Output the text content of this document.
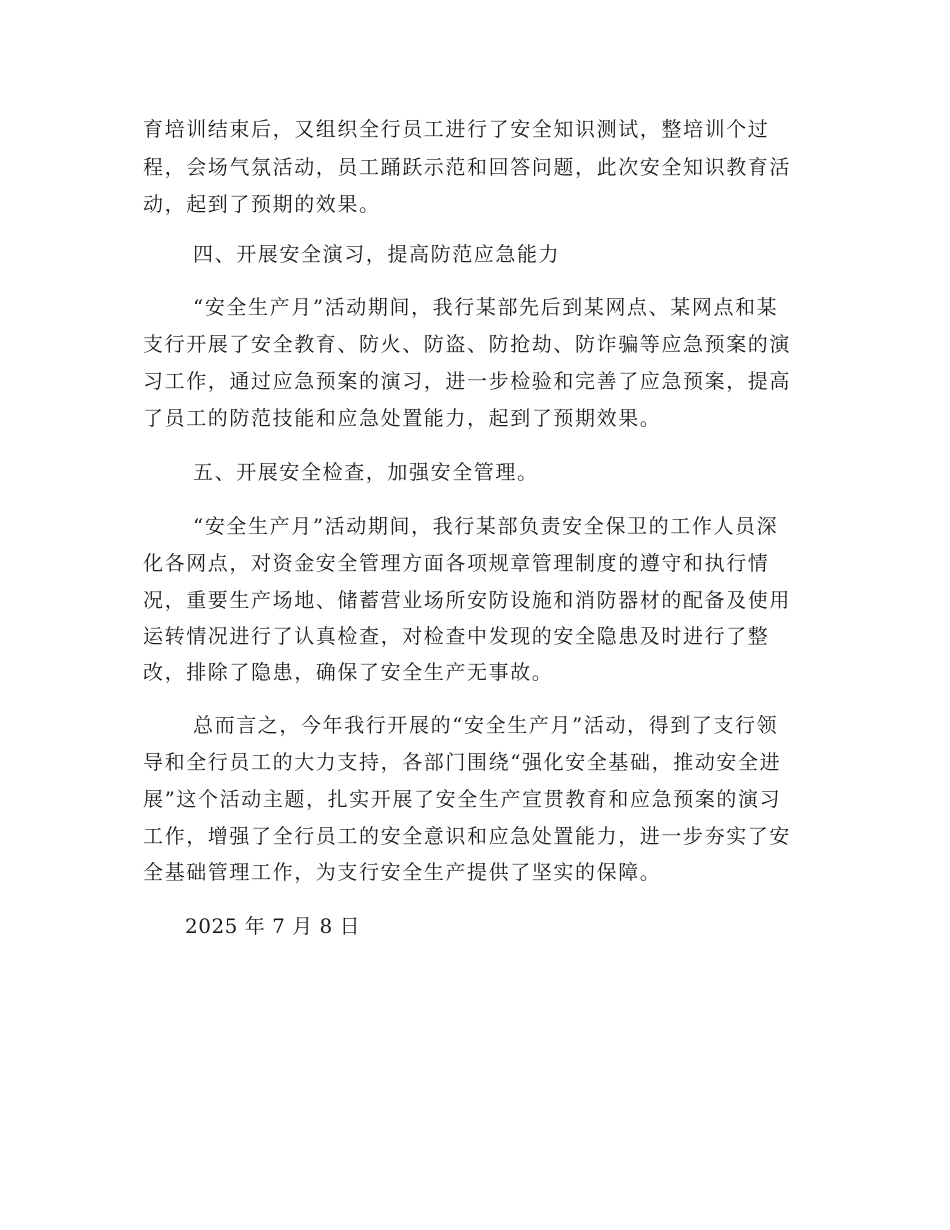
育培训结束后，又组织全行员工进行了安全知识测试，整培训个过
程，会场气氛活动，员工踊跃示范和回答问题，此次安全知识教育活
动，起到了预期的效果。
四、开展安全演习，提高防范应急能力
“安全生产月”活动期间，我行某部先后到某网点、某网点和某
支行开展了安全教育、防火、防盗、防抢劫、防诈骗等应急预案的演
习工作，通过应急预案的演习，进一步检验和完善了应急预案，提高
了员工的防范技能和应急处置能力，起到了预期效果。
五、开展安全检查，加强安全管理。
“安全生产月”活动期间，我行某部负责安全保卫的工作人员深
化各网点，对资金安全管理方面各项规章管理制度的遵守和执行情
况，重要生产场地、储蓄营业场所安防设施和消防器材的配备及使用
运转情况进行了认真检查，对检查中发现的安全隐患及时进行了整
改，排除了隐患，确保了安全生产无事故。
总而言之，今年我行开展的“安全生产月”活动，得到了支行领
导和全行员工的大力支持，各部门围绕“强化安全基础，推动安全进
展”这个活动主题，扎实开展了安全生产宣贯教育和应急预案的演习
工作，增强了全行员工的安全意识和应急处置能力，进一步夯实了安
全基础管理工作，为支行安全生产提供了坚实的保障。
2025 年 7 月 8 日
